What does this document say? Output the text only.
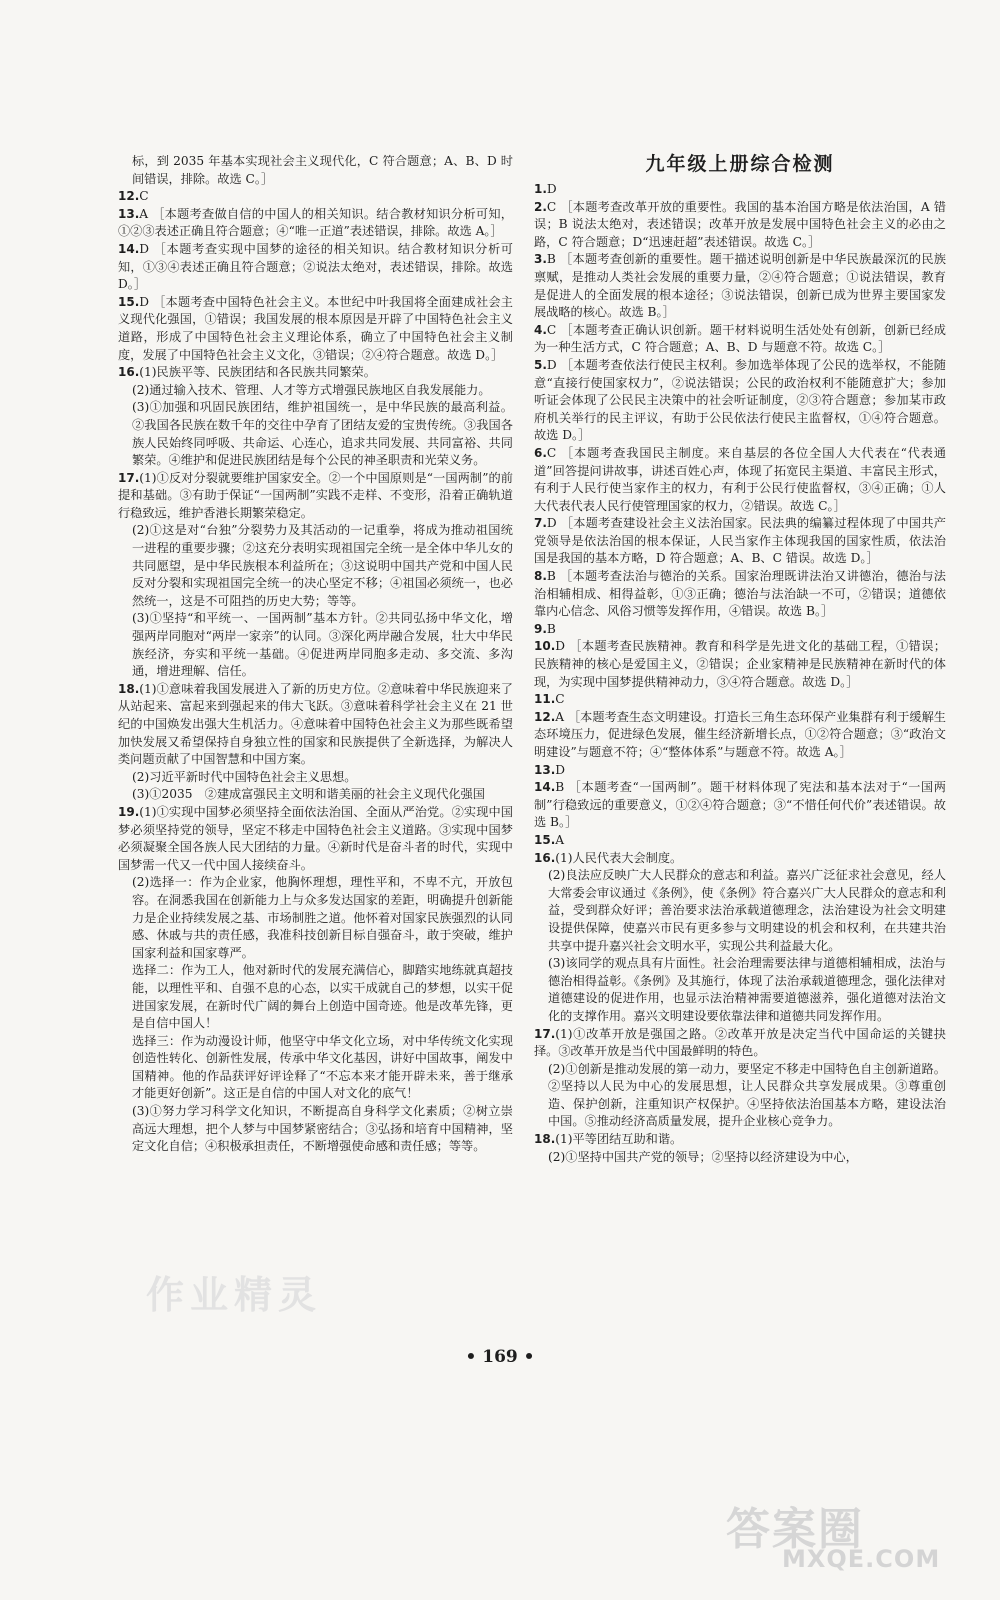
标，到 2035 年基本实现社会主义现代化，C 符合题意；A、B、D 时间错误，排除。故选 C。］

12.C

13.A ［本题考查做自信的中国人的相关知识。结合教材知识分析可知，①②③表述正确且符合题意；④“唯一正道”表述错误，排除。故选 A。］

14.D ［本题考查实现中国梦的途径的相关知识。结合教材知识分析可知，①③④表述正确且符合题意；②说法太绝对，表述错误，排除。故选 D。］

15.D ［本题考查中国特色社会主义。本世纪中叶我国将全面建成社会主义现代化强国，①错误；我国发展的根本原因是开辟了中国特色社会主义道路，形成了中国特色社会主义理论体系，确立了中国特色社会主义制度，发展了中国特色社会主义文化，③错误；②④符合题意。故选 D。］

16.(1)民族平等、民族团结和各民族共同繁荣。

(2)通过输入技术、管理、人才等方式增强民族地区自我发展能力。

(3)①加强和巩固民族团结，维护祖国统一，是中华民族的最高利益。②我国各民族在数千年的交往中孕育了团结友爱的宝贵传统。③我国各族人民始终同呼吸、共命运、心连心，追求共同发展、共同富裕、共同繁荣。④维护和促进民族团结是每个公民的神圣职责和光荣义务。

17.(1)①反对分裂就要维护国家安全。②一个中国原则是“一国两制”的前提和基础。③有助于保证“一国两制”实践不走样、不变形，沿着正确轨道行稳致远，维护香港长期繁荣稳定。

(2)①这是对“台独”分裂势力及其活动的一记重拳，将成为推动祖国统一进程的重要步骤；②这充分表明实现祖国完全统一是全体中华儿女的共同愿望，是中华民族根本利益所在；③这说明中国共产党和中国人民反对分裂和实现祖国完全统一的决心坚定不移；④祖国必须统一，也必然统一，这是不可阻挡的历史大势；等等。

(3)①坚持“和平统一、一国两制”基本方针。②共同弘扬中华文化，增强两岸同胞对“两岸一家亲”的认同。③深化两岸融合发展，壮大中华民族经济，夯实和平统一基础。④促进两岸同胞多走动、多交流、多沟通，增进理解、信任。

18.(1)①意味着我国发展进入了新的历史方位。②意味着中华民族迎来了从站起来、富起来到强起来的伟大飞跃。③意味着科学社会主义在 21 世纪的中国焕发出强大生机活力。④意味着中国特色社会主义为那些既希望加快发展又希望保持自身独立性的国家和民族提供了全新选择，为解决人类问题贡献了中国智慧和中国方案。

(2)习近平新时代中国特色社会主义思想。

(3)①2035　②建成富强民主文明和谐美丽的社会主义现代化强国

19.(1)①实现中国梦必须坚持全面依法治国、全面从严治党。②实现中国梦必须坚持党的领导，坚定不移走中国特色社会主义道路。③实现中国梦必须凝聚全国各族人民大团结的力量。④新时代是奋斗者的时代，实现中国梦需一代又一代中国人接续奋斗。

(2)选择一：作为企业家，他胸怀理想，理性平和，不卑不亢，开放包容。在洞悉我国在创新能力上与众多发达国家的差距，明确提升创新能力是企业持续发展之基、市场制胜之道。他怀着对国家民族强烈的认同感、休戚与共的责任感，我准科技创新目标自强奋斗，敢于突破，维护国家利益和国家尊严。

选择二：作为工人，他对新时代的发展充满信心，脚踏实地练就真超技能，以理性平和、自强不息的心态，以实干成就自己的梦想，以实干促进国家发展，在新时代广阔的舞台上创造中国奇迹。他是改革先锋，更是自信中国人！

选择三：作为动漫设计师，他坚守中华文化立场，对中华传统文化实现创造性转化、创新性发展，传承中华文化基因，讲好中国故事，阐发中国精神。他的作品获评好评诠释了“不忘本来才能开辟未来，善于继承才能更好创新”。这正是自信的中国人对文化的底气！

(3)①努力学习科学文化知识，不断提高自身科学文化素质；②树立崇高远大理想，把个人梦与中国梦紧密结合；③弘扬和培育中国精神，坚定文化自信；④积极承担责任，不断增强使命感和责任感；等等。

九年级上册综合检测

1.D

2.C ［本题考查改革开放的重要性。我国的基本治国方略是依法治国，A 错误；B 说法太绝对，表述错误；改革开放是发展中国特色社会主义的必由之路，C 符合题意；D“迅速赶超”表述错误。故选 C。］

3.B ［本题考查创新的重要性。题干描述说明创新是中华民族最深沉的民族禀赋，是推动人类社会发展的重要力量，②④符合题意；①说法错误，教育是促进人的全面发展的根本途径；③说法错误，创新已成为世界主要国家发展战略的核心。故选 B。］

4.C ［本题考查正确认识创新。题干材料说明生活处处有创新，创新已经成为一种生活方式，C 符合题意；A、B、D 与题意不符。故选 C。］

5.D ［本题考查依法行使民主权利。参加选举体现了公民的选举权，不能随意“直接行使国家权力”，②说法错误；公民的政治权利不能随意扩大；参加听证会体现了公民民主决策中的社会听证制度，②③符合题意；参加某市政府机关举行的民主评议，有助于公民依法行使民主监督权，①④符合题意。故选 D。］

6.C ［本题考查我国民主制度。来自基层的各位全国人大代表在“代表通道”回答提问讲故事，讲述百姓心声，体现了拓宽民主渠道、丰富民主形式，有利于人民行使当家作主的权力，有利于公民行使监督权，③④正确；①人大代表代表人民行使管理国家的权力，②错误。故选 C。］

7.D ［本题考查建设社会主义法治国家。民法典的编纂过程体现了中国共产党领导是依法治国的根本保证，人民当家作主体现我国的国家性质，依法治国是我国的基本方略，D 符合题意；A、B、C 错误。故选 D。］

8.B ［本题考查法治与德治的关系。国家治理既讲法治又讲德治，德治与法治相辅相成、相得益彰，①③正确；德治与法治缺一不可，②错误；道德依靠内心信念、风俗习惯等发挥作用，④错误。故选 B。］

9.B

10.D ［本题考查民族精神。教育和科学是先进文化的基础工程，①错误；民族精神的核心是爱国主义，②错误；企业家精神是民族精神在新时代的体现，为实现中国梦提供精神动力，③④符合题意。故选 D。］

11.C

12.A ［本题考查生态文明建设。打造长三角生态环保产业集群有利于缓解生态环境压力，促进绿色发展，催生经济新增长点，①②符合题意；③“政治文明建设”与题意不符；④“整体体系”与题意不符。故选 A。］

13.D

14.B ［本题考查“一国两制”。题干材料体现了宪法和基本法对于“一国两制”行稳致远的重要意义，①②④符合题意；③“不惜任何代价”表述错误。故选 B。］

15.A

16.(1)人民代表大会制度。

(2)良法应反映广大人民群众的意志和利益。嘉兴广泛征求社会意见，经人大常委会审议通过《条例》，使《条例》符合嘉兴广大人民群众的意志和利益，受到群众好评；善治要求法治承载道德理念，法治建设为社会文明建设提供保障，使嘉兴市民有更多参与文明建设的机会和权利，在共建共治共享中提升嘉兴社会文明水平，实现公共利益最大化。

(3)该同学的观点具有片面性。社会治理需要法律与道德相辅相成，法治与德治相得益彰。《条例》及其施行，体现了法治承载道德理念，强化法律对道德建设的促进作用，也显示法治精神需要道德滋养，强化道德对法治文化的支撑作用。嘉兴文明建设要依靠法律和道德共同发挥作用。

17.(1)①改革开放是强国之路。②改革开放是决定当代中国命运的关键抉择。③改革开放是当代中国最鲜明的特色。

(2)①创新是推动发展的第一动力，要坚定不移走中国特色自主创新道路。②坚持以人民为中心的发展思想，让人民群众共享发展成果。③尊重创造、保护创新，注重知识产权保护。④坚持依法治国基本方略，建设法治中国。⑤推动经济高质量发展，提升企业核心竞争力。

18.(1)平等团结互助和谐。

(2)①坚持中国共产党的领导；②坚持以经济建设为中心，

• 169 •
作业精灵
答案圈
MXQE.COM
